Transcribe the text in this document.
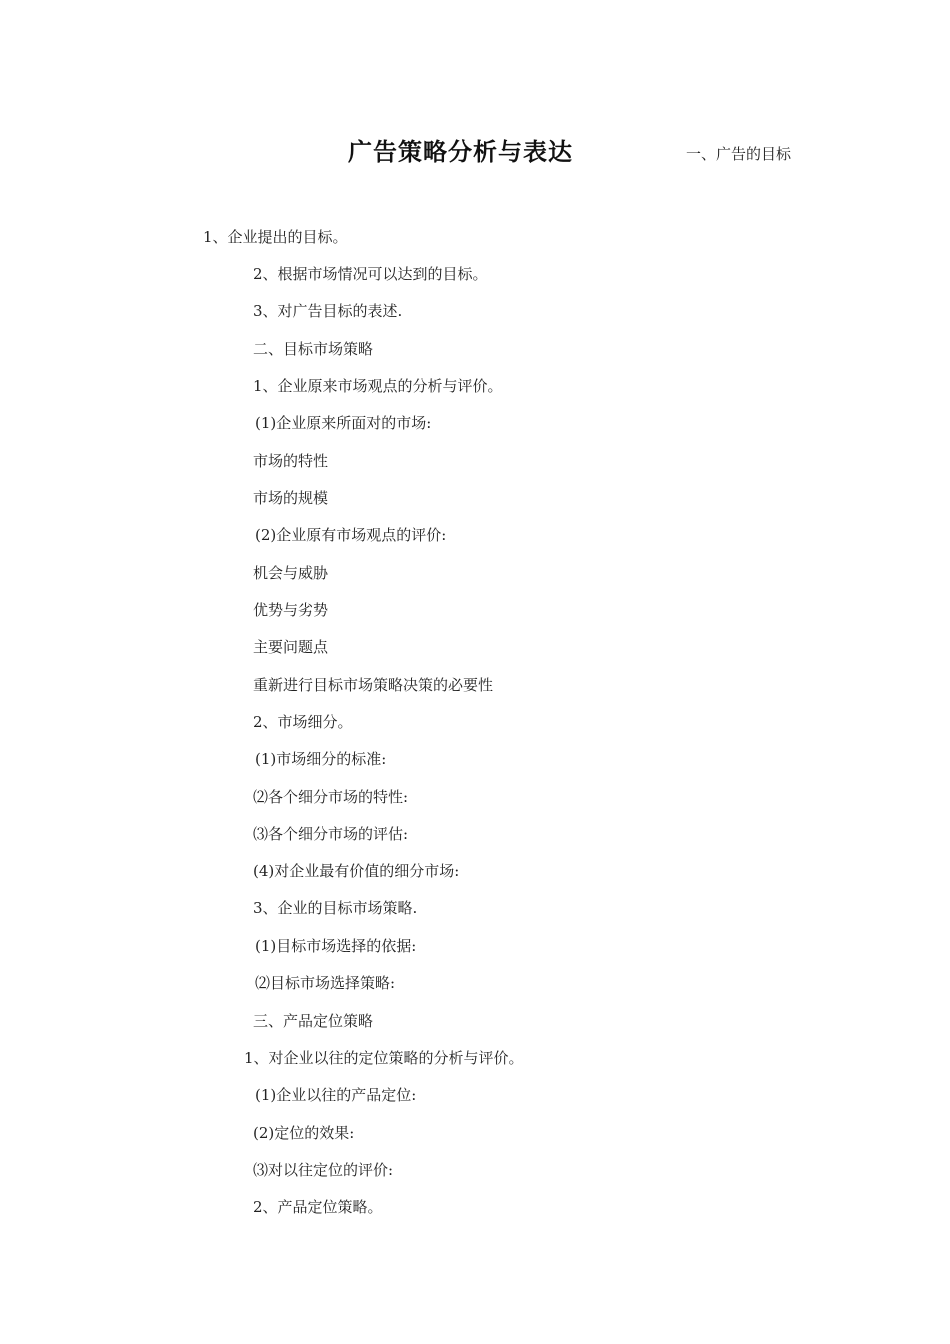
广告策略分析与表达	一、广告的目标
1、企业提出的目标。
2、根据市场情况可以达到的目标。
3、对广告目标的表述.
二、目标市场策略
1、企业原来市场观点的分析与评价。
(1)企业原来所面对的市场:
市场的特性
市场的规模
(2)企业原有市场观点的评价:
机会与威胁
优势与劣势
主要问题点
重新进行目标市场策略决策的必要性
2、市场细分。
(1)市场细分的标准:
⑵各个细分市场的特性:
⑶各个细分市场的评估:
(4)对企业最有价值的细分市场:
3、企业的目标市场策略.
(1)目标市场选择的依据:
⑵目标市场选择策略:
三、产品定位策略
1、对企业以往的定位策略的分析与评价。
(1)企业以往的产品定位:
(2)定位的效果:
⑶对以往定位的评价:
2、产品定位策略。
